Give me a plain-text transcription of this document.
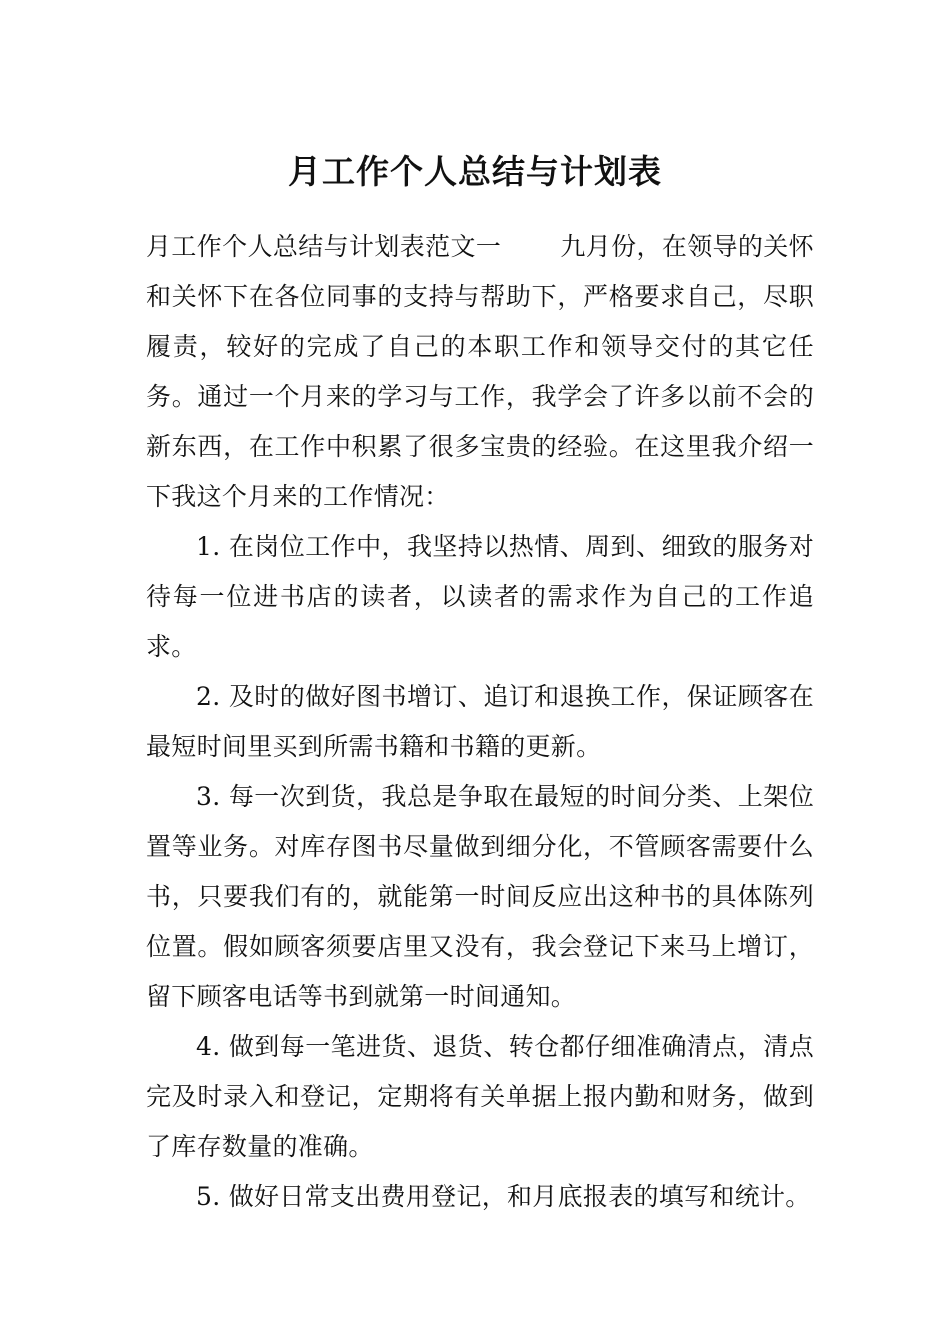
月工作个人总结与计划表

月工作个人总结与计划表范文一　　 九月份，在领导的关怀和关怀下在各位同事的支持与帮助下，严格要求自己，尽职履责，较好的完成了自己的本职工作和领导交付的其它任务。通过一个月来的学习与工作，我学会了许多以前不会的新东西，在工作中积累了很多宝贵的经验。在这里我介绍一下我这个月来的工作情况：

1. 在岗位工作中，我坚持以热情、周到、细致的服务对待每一位进书店的读者，以读者的需求作为自己的工作追求。

2. 及时的做好图书增订、追订和退换工作，保证顾客在最短时间里买到所需书籍和书籍的更新。

3. 每一次到货，我总是争取在最短的时间分类、上架位置等业务。对库存图书尽量做到细分化，不管顾客需要什么书，只要我们有的，就能第一时间反应出这种书的具体陈列位置。假如顾客须要店里又没有，我会登记下来马上增订，留下顾客电话等书到就第一时间通知。

4. 做到每一笔进货、退货、转仓都仔细准确清点，清点完及时录入和登记，定期将有关单据上报内勤和财务，做到了库存数量的准确。

5. 做好日常支出费用登记，和月底报表的填写和统计。
